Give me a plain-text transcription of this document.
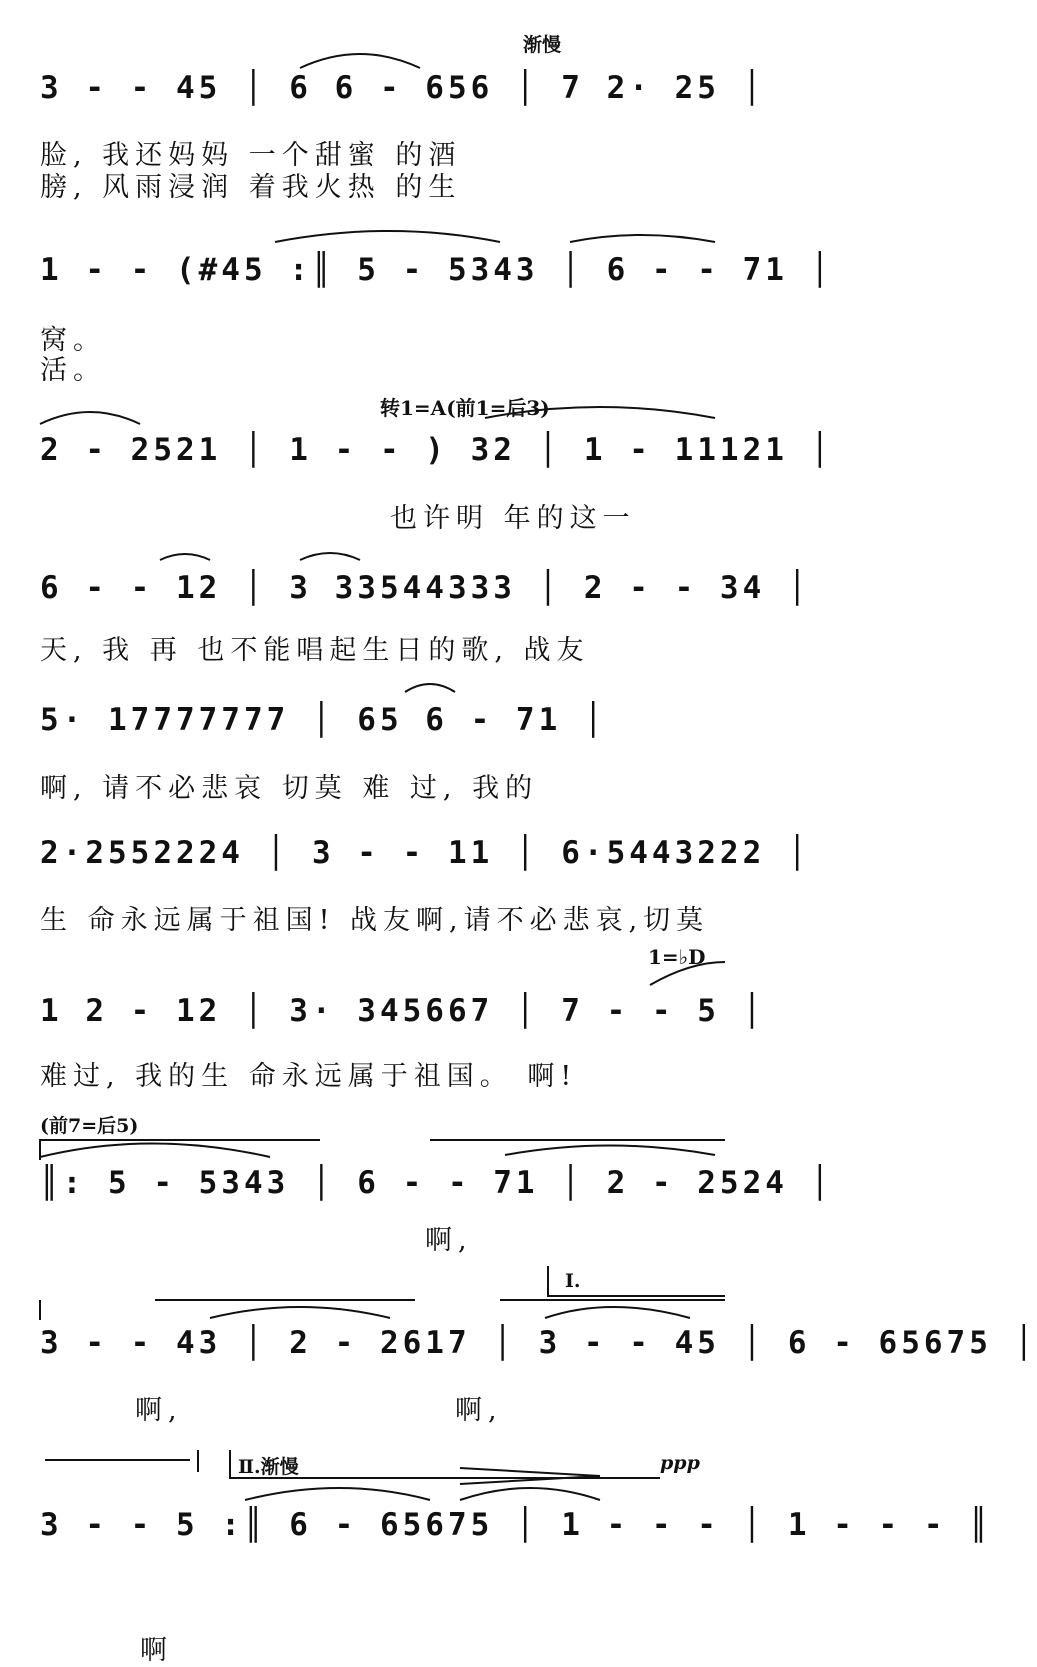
渐慢
转1=A(前1=后3)
1=♭D
(前7=后5)
Ⅰ.
Ⅱ.渐慢	ppp
3 - - 45 │ 6 6 - 656 │ 7 2· 25 │
脸, 我还妈妈 一个甜蜜 的酒
膀, 风雨浸润 着我火热 的生
1 - - (#45 :║ 5 - 5343 │ 6 - - 71 │
窝。
活。
2 - 2521 │ 1 - - ) 32 │ 1 - 11121 │
也许明 年的这一
6 - - 12 │ 3 33544333 │ 2 - - 34 │
天, 我 再 也不能唱起生日的歌, 战友
5· 17777777 │ 65 6 - 71 │
啊, 请不必悲哀 切莫 难 过, 我的
2·2552224 │ 3 - - 11 │ 6·5443222 │
生 命永远属于祖国! 战友啊,请不必悲哀,切莫
1 2 - 12 │ 3· 345667 │ 7 - - 5 │
难过, 我的生 命永远属于祖国。 啊!
║: 5 - 5343 │ 6 - - 71 │ 2 - 2524 │
啊,
3 - - 43 │ 2 - 2617 │ 3 - - 45 │ 6 - 65675 │
啊,	啊,
3 - - 5 :║ 6 - 65675 │ 1 - - - │ 1 - - - ║
啊
